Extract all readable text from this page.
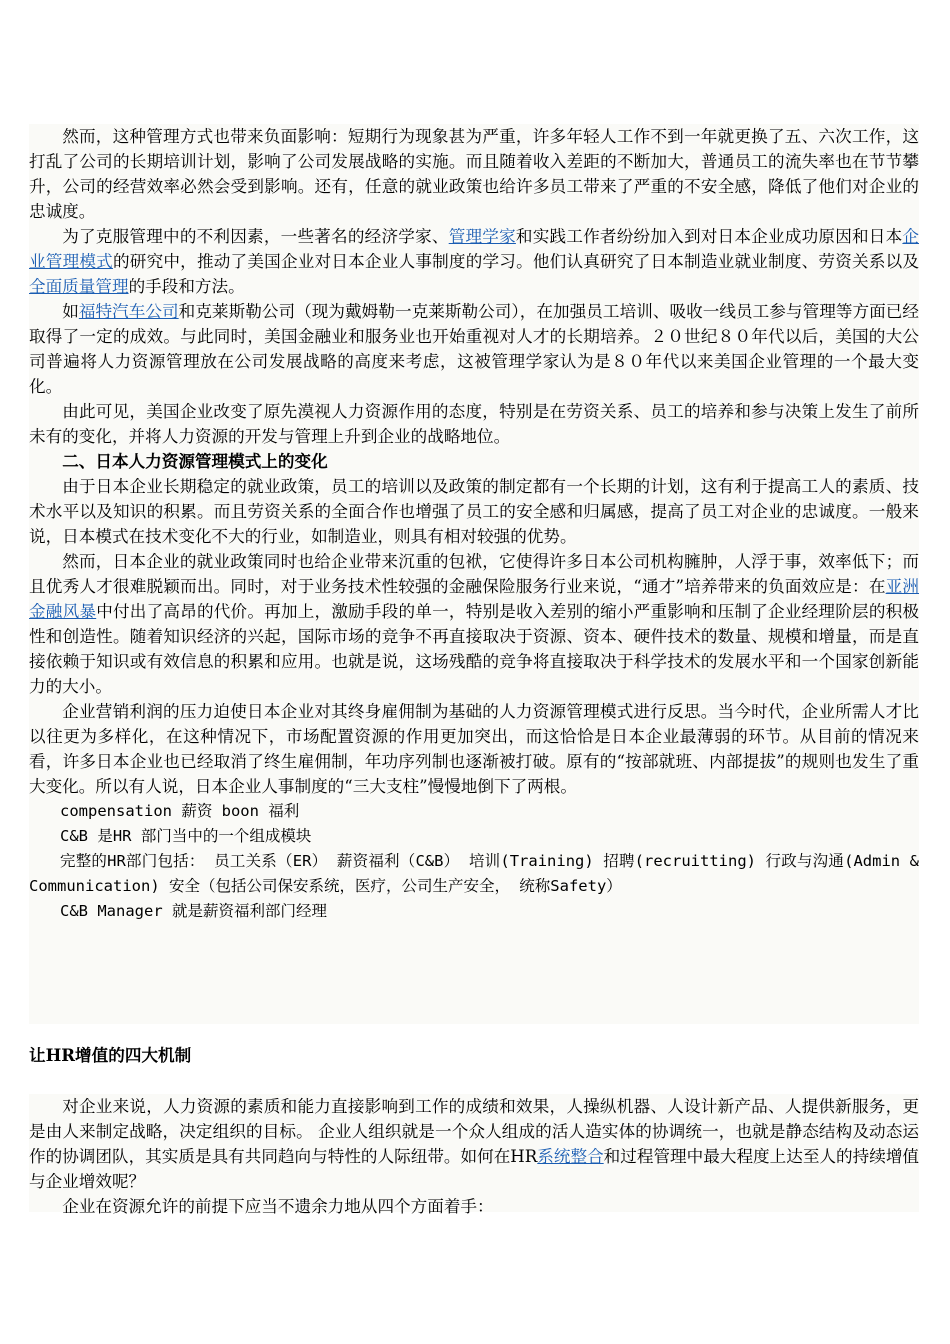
然而，这种管理方式也带来负面影响：短期行为现象甚为严重，许多年轻人工作不到一年就更换了五、六次工作，这打乱了公司的长期培训计划，影响了公司发展战略的实施。而且随着收入差距的不断加大，普通员工的流失率也在节节攀升，公司的经营效率必然会受到影响。还有，任意的就业政策也给许多员工带来了严重的不安全感，降低了他们对企业的忠诚度。

为了克服管理中的不利因素，一些著名的经济学家、管理学家和实践工作者纷纷加入到对日本企业成功原因和日本企业管理模式的研究中，推动了美国企业对日本企业人事制度的学习。他们认真研究了日本制造业就业制度、劳资关系以及全面质量管理的手段和方法。

如福特汽车公司和克莱斯勒公司（现为戴姆勒一克莱斯勒公司），在加强员工培训、吸收一线员工参与管理等方面已经取得了一定的成效。与此同时，美国金融业和服务业也开始重视对人才的长期培养。２０世纪８０年代以后，美国的大公司普遍将人力资源管理放在公司发展战略的高度来考虑，这被管理学家认为是８０年代以来美国企业管理的一个最大变化。

由此可见，美国企业改变了原先漠视人力资源作用的态度，特别是在劳资关系、员工的培养和参与决策上发生了前所未有的变化，并将人力资源的开发与管理上升到企业的战略地位。

二、日本人力资源管理模式上的变化

由于日本企业长期稳定的就业政策，员工的培训以及政策的制定都有一个长期的计划，这有利于提高工人的素质、技术水平以及知识的积累。而且劳资关系的全面合作也增强了员工的安全感和归属感，提高了员工对企业的忠诚度。一般来说，日本模式在技术变化不大的行业，如制造业，则具有相对较强的优势。

然而，日本企业的就业政策同时也给企业带来沉重的包袱，它使得许多日本公司机构臃肿，人浮于事，效率低下；而且优秀人才很难脱颖而出。同时，对于业务技术性较强的金融保险服务行业来说，“通才”培养带来的负面效应是：在亚洲金融风暴中付出了高昂的代价。再加上，激励手段的单一，特别是收入差别的缩小严重影响和压制了企业经理阶层的积极性和创造性。随着知识经济的兴起，国际市场的竞争不再直接取决于资源、资本、硬件技术的数量、规模和增量，而是直接依赖于知识或有效信息的积累和应用。也就是说，这场残酷的竞争将直接取决于科学技术的发展水平和一个国家创新能力的大小。

企业营销利润的压力迫使日本企业对其终身雇佣制为基础的人力资源管理模式进行反思。当今时代，企业所需人才比以往更为多样化，在这种情况下，市场配置资源的作用更加突出，而这恰恰是日本企业最薄弱的环节。从目前的情况来看，许多日本企业也已经取消了终生雇佣制，年功序列制也逐渐被打破。原有的“按部就班、内部提拔”的规则也发生了重大变化。所以有人说，日本企业人事制度的“三大支柱”慢慢地倒下了两根。

compensation 薪资 boon 福利

C&B 是HR 部门当中的一个组成模块

完整的HR部门包括： 员工关系（ER） 薪资福利（C&B） 培训(Training) 招聘(recruitting) 行政与沟通(Admin & Communication) 安全（包括公司保安系统，医疗，公司生产安全， 统称Safety）

C&B Manager 就是薪资福利部门经理

让HR增值的四大机制

对企业来说，人力资源的素质和能力直接影响到工作的成绩和效果，人操纵机器、人设计新产品、人提供新服务，更是由人来制定战略，决定组织的目标。 企业人组织就是一个众人组成的活人造实体的协调统一，也就是静态结构及动态运作的协调团队，其实质是具有共同趋向与特性的人际纽带。如何在HR系统整合和过程管理中最大程度上达至人的持续增值与企业增效呢？

企业在资源允许的前提下应当不遗余力地从四个方面着手：
